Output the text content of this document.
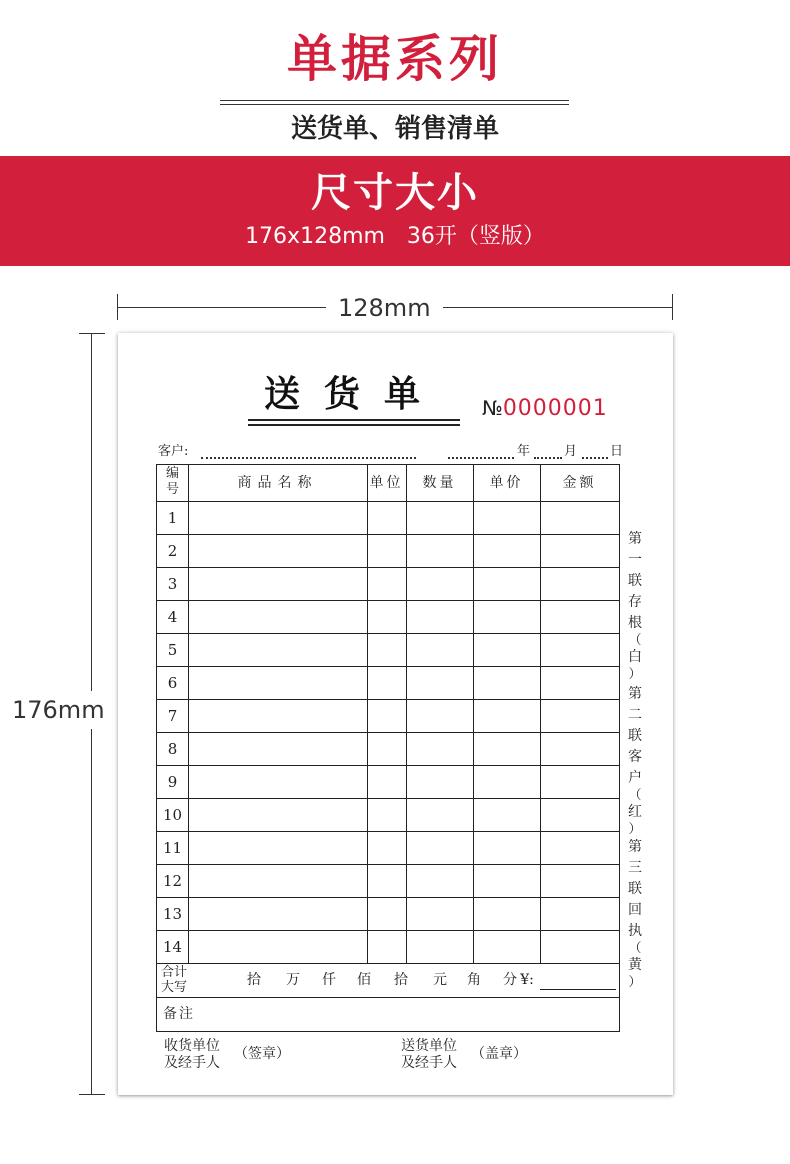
单据系列
送货单、销售清单
尺寸大小
176x128mm　36开（竖版）
128mm
176mm
送货单	№0000001
客户:	年	月	日
编
号	商品名称	单位	数量	单价	金额
1
2
3
4
5
6
7
8
9
10
11
12
13
14
合计
大写	拾 万 仟 佰 拾 元 角 分 ¥:
备注
第
一
联
存
根
（
白
）
第
二
联
客
户
（
红
）
第
三
联
回
执
（
黄
）
收货单位
及经手人
（签章）	送货单位
及经手人
（盖章）
